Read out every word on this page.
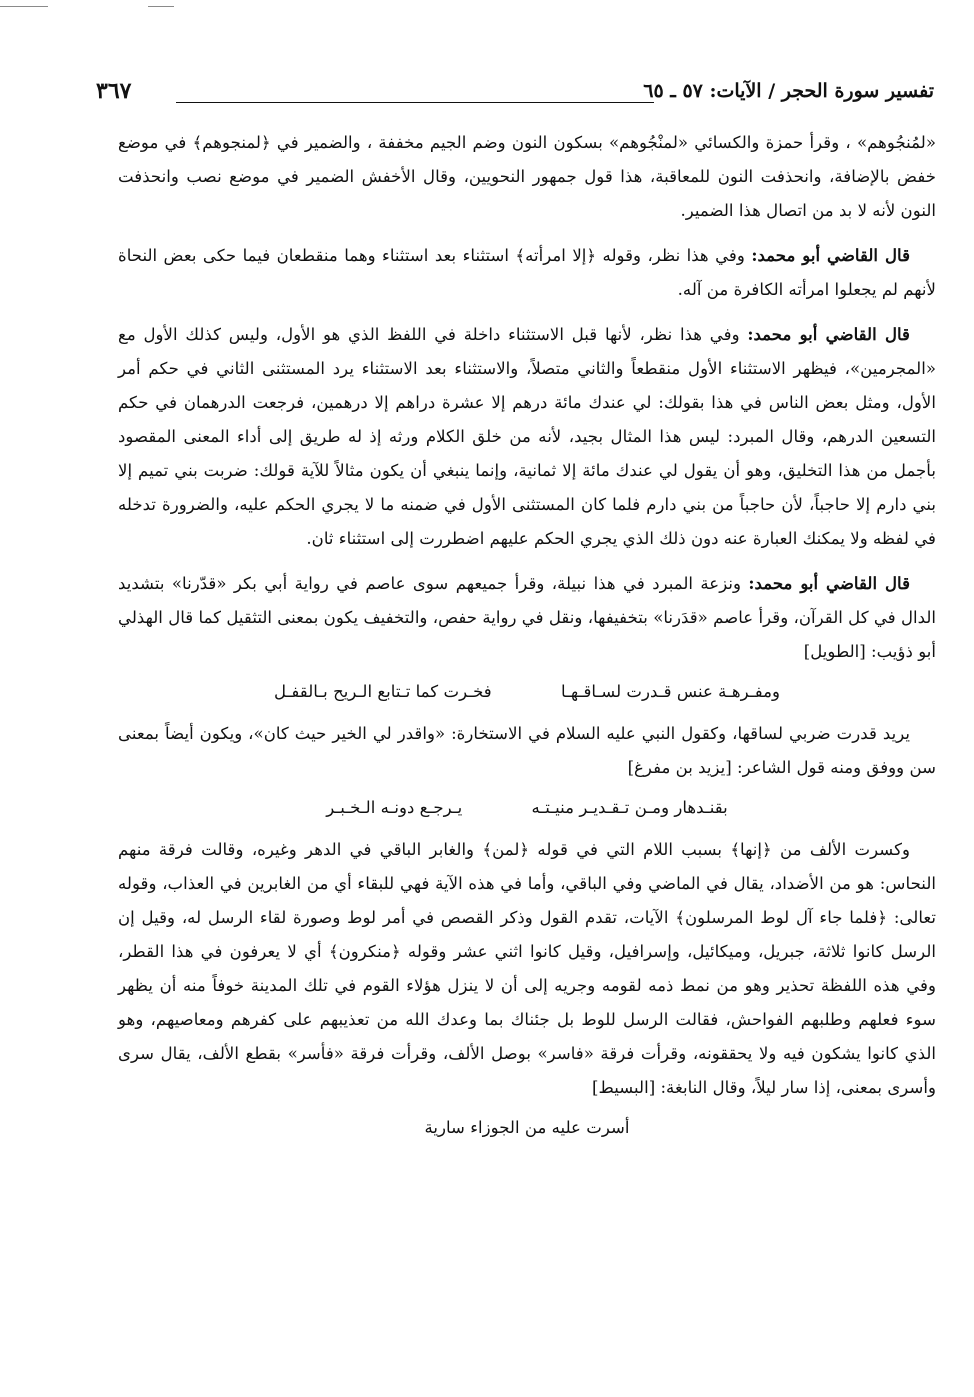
تفسير سورة الحجر / الآيات: ٥٧ ـ ٦٥
٣٦٧

«لمُنجُوهم» ، وقرأ حمزة والكسائي «لمنْجُوهم» بسكون النون وضم الجيم مخففة ، والضمير في ﴿لمنجوهم﴾ في موضع خفض بالإضافة، وانحذفت النون للمعاقبة، هذا قول جمهور النحويين، وقال الأخفش الضمير في موضع نصب وانحذفت النون لأنه لا بد من اتصال هذا الضمير.

قال القاضي أبو محمد: وفي هذا نظر، وقوله ﴿إلا امرأته﴾ استثناء بعد استثناء وهما منقطعان فيما حكى بعض النحاة لأنهم لم يجعلوا امرأته الكافرة من آله.

قال القاضي أبو محمد: وفي هذا نظر، لأنها قبل الاستثناء داخلة في اللفظ الذي هو الأول، وليس كذلك الأول مع «المجرمين»، فيظهر الاستثناء الأول منقطعاً والثاني متصلاً، والاستثناء بعد الاستثناء يرد المستثنى الثاني في حكم أمر الأول، ومثل بعض الناس في هذا بقولك: لي عندك مائة درهم إلا عشرة دراهم إلا درهمين، فرجعت الدرهمان في حكم التسعين الدرهم، وقال المبرد: ليس هذا المثال بجيد، لأنه من خلق الكلام ورثه إذ له طريق إلى أداء المعنى المقصود بأجمل من هذا التخليق، وهو أن يقول لي عندك مائة إلا ثمانية، وإنما ينبغي أن يكون مثالاً للآية قولك: ضربت بني تميم إلا بني دارم إلا حاجباً، لأن حاجباً من بني دارم فلما كان المستثنى الأول في ضمنه ما لا يجري الحكم عليه، والضرورة تدخله في لفظه ولا يمكنك العبارة عنه دون ذلك الذي يجري الحكم عليهم اضطررت إلى استثناء ثان.

قال القاضي أبو محمد: ونزعة المبرد في هذا نبيلة، وقرأ جميعهم سوى عاصم في رواية أبي بكر «قدّرنا» بتشديد الدال في كل القرآن، وقرأ عاصم «قدَرنا» بتخفيفها، ونقل في رواية حفص، والتخفيف يكون بمعنى التثقيل كما قال الهذلي أبو ذؤيب: [الطويل]

ومفـرهـة عنس قـدرت لسـاقـهـا فخـرت كما تـتابع الـريح بـالقفـل

يريد قدرت ضربي لساقها، وكقول النبي عليه السلام في الاستخارة: «واقدر لي الخير حيث كان»، ويكون أيضاً بمعنى سن ووفق ومنه قول الشاعر: [يزيد بن مفرغ]

بقنـدهار ومـن تـقـديـر منيـتـه يـرجـع دونـه الـخـبـر

وكسرت الألف من ﴿إنها﴾ بسبب اللام التي في قوله ﴿لمن﴾ والغابر الباقي في الدهر وغيره، وقالت فرقة منهم النحاس: هو من الأضداد، يقال في الماضي وفي الباقي، وأما في هذه الآية فهي للبقاء أي من الغابرين في العذاب، وقوله تعالى: ﴿فلما جاء آل لوط المرسلون﴾ الآيات، تقدم القول وذكر القصص في أمر لوط وصورة لقاء الرسل له، وقيل إن الرسل كانوا ثلاثة، جبريل، وميكائيل، وإسرافيل، وقيل كانوا اثني عشر وقوله ﴿منكرون﴾ أي لا يعرفون في هذا القطر، وفي هذه اللفظة تحذير وهو من نمط ذمه لقومه وجريه إلى أن لا ينزل هؤلاء القوم في تلك المدينة خوفاً منه أن يظهر سوء فعلهم وطلبهم الفواحش، فقالت الرسل للوط بل جئناك بما وعدك الله من تعذيبهم على كفرهم ومعاصيهم، وهو الذي كانوا يشكون فيه ولا يحققونه، وقرأت فرقة «فاسر» بوصل الألف، وقرأت فرقة «فأسر» بقطع الألف، يقال سرى وأسرى بمعنى، إذا سار ليلاً، وقال النابغة: [البسيط]

أسرت عليه من الجوزاء سارية
